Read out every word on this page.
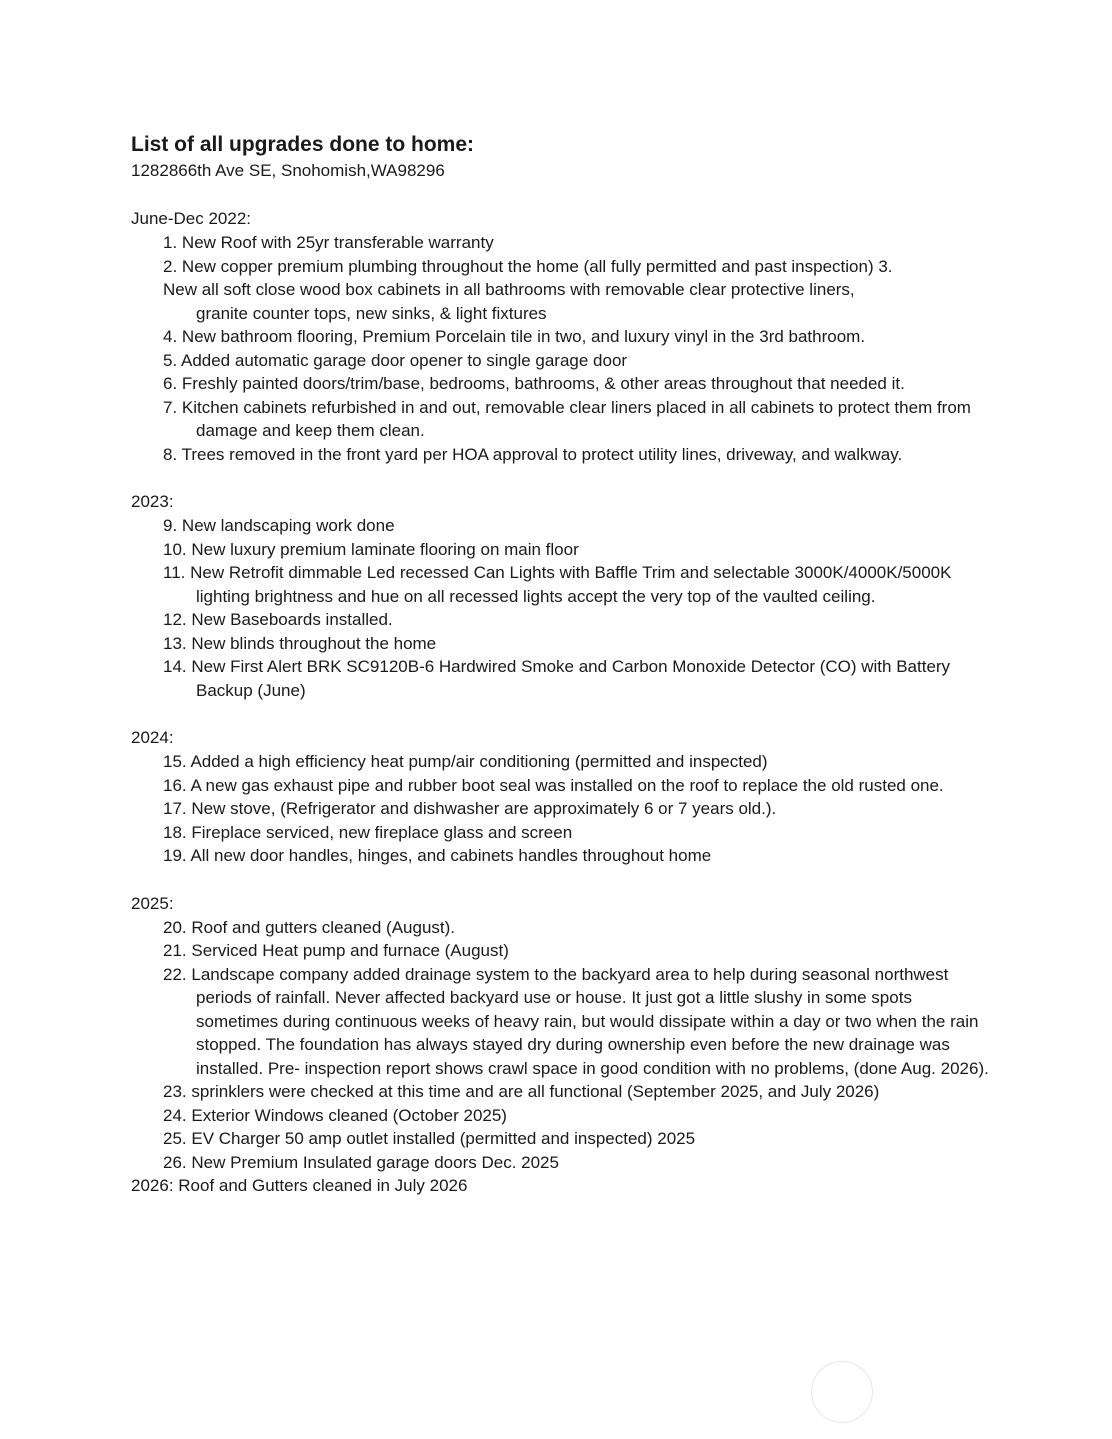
List of all upgrades done to home:

1282866th Ave SE, Snohomish,WA98296

June-Dec 2022:

1. New Roof with 25yr transferable warranty
2. New copper premium plumbing throughout the home (all fully permitted and past inspection) 3.

New all soft close wood box cabinets in all bathrooms with removable clear protective liners,

granite counter tops, new sinks, & light fixtures

4. New bathroom flooring, Premium Porcelain tile in two, and luxury vinyl in the 3rd bathroom.
5. Added automatic garage door opener to single garage door
6. Freshly painted doors/trim/base, bedrooms, bathrooms, & other areas throughout that needed it.
7. Kitchen cabinets refurbished in and out, removable clear liners placed in all cabinets to protect them from damage and keep them clean.
8. Trees removed in the front yard per HOA approval to protect utility lines, driveway, and walkway.

2023:

9. New landscaping work done
10. New luxury premium laminate flooring on main floor
11. New Retrofit dimmable Led recessed Can Lights with Baffle Trim and selectable 3000K/4000K/5000K lighting brightness and hue on all recessed lights accept the very top of the vaulted ceiling.
12. New Baseboards installed.
13. New blinds throughout the home
14. New First Alert BRK SC9120B-6 Hardwired Smoke and Carbon Monoxide Detector (CO) with Battery Backup (June)

2024:

15. Added a high efficiency heat pump/air conditioning (permitted and inspected)
16. A new gas exhaust pipe and rubber boot seal was installed on the roof to replace the old rusted one.
17. New stove, (Refrigerator and dishwasher are approximately 6 or 7 years old.).
18. Fireplace serviced, new fireplace glass and screen
19. All new door handles, hinges, and cabinets handles throughout home

2025:

20. Roof and gutters cleaned (August).
21. Serviced Heat pump and furnace (August)
22. Landscape company added drainage system to the backyard area to help during seasonal northwest periods of rainfall. Never affected backyard use or house. It just got a little slushy in some spots sometimes during continuous weeks of heavy rain, but would dissipate within a day or two when the rain stopped. The foundation has always stayed dry during ownership even before the new drainage was installed. Pre- inspection report shows crawl space in good condition with no problems, (done Aug. 2026).
23. sprinklers were checked at this time and are all functional (September 2025, and July 2026)
24. Exterior Windows cleaned (October 2025)
25. EV Charger 50 amp outlet installed (permitted and inspected) 2025
26. New Premium Insulated garage doors Dec. 2025

2026: Roof and Gutters cleaned in July 2026
